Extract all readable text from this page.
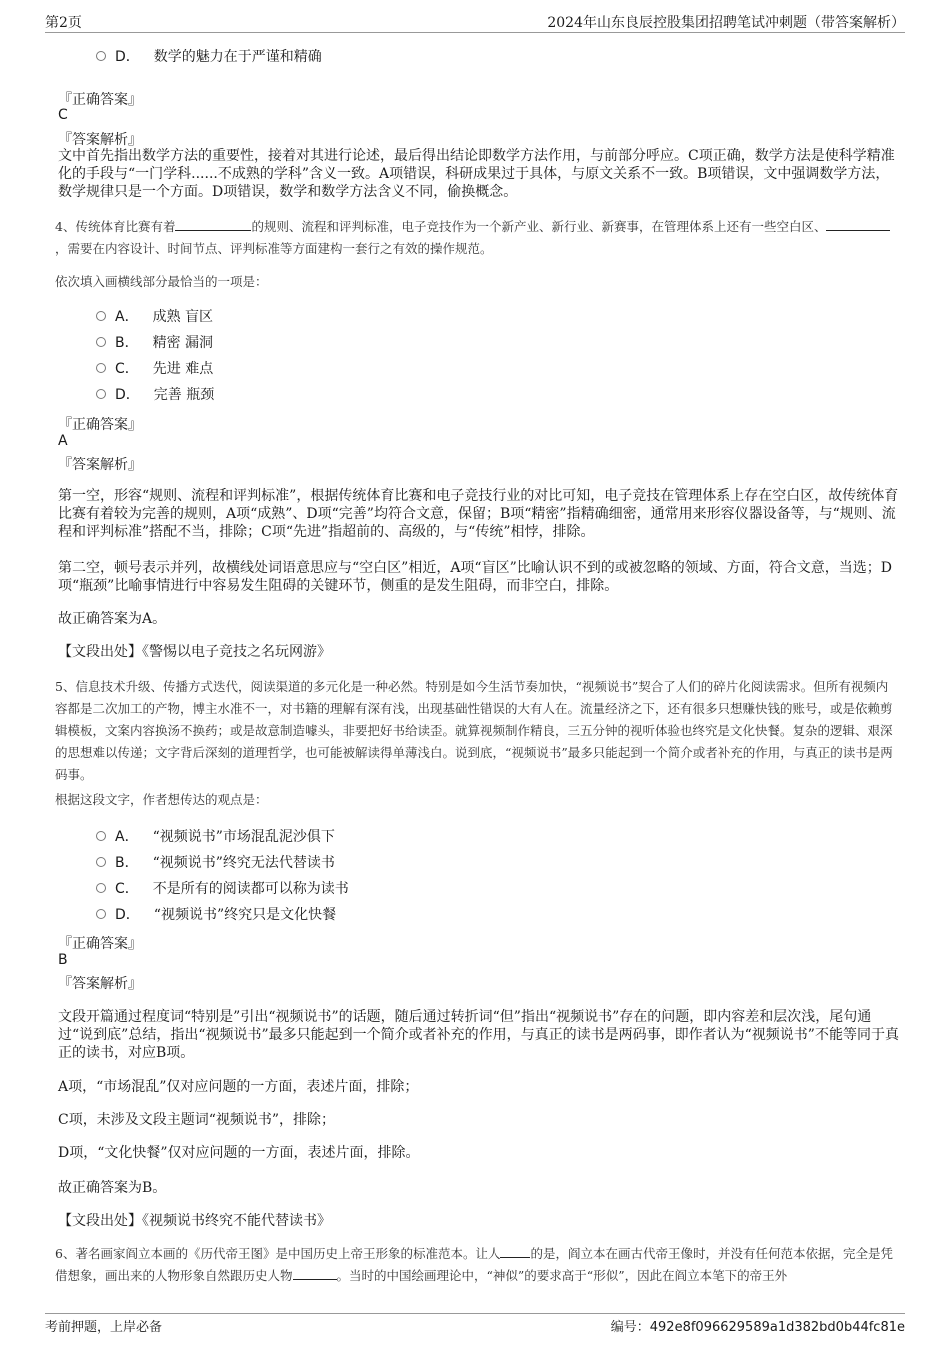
第2页	2024年山东良辰控股集团招聘笔试冲刺题（带答案解析）
D． 数学的魅力在于严谨和精确
『正确答案』
C
『答案解析』
文中首先指出数学方法的重要性，接着对其进行论述，最后得出结论即数学方法作用，与前部分呼应。C项正确，数学方法是使科学精准化的手段与“一门学科......不成熟的学科”含义一致。A项错误，科研成果过于具体，与原文关系不一致。B项错误，文中强调数学方法，数学规律只是一个方面。D项错误，数学和数学方法含义不同，偷换概念。
4、传统体育比赛有着	的规则、流程和评判标准，电子竞技作为一个新产业、新行业、新赛事，在管理体系上还有一些空白区、，需要在内容设计、时间节点、评判标准等方面建构一套行之有效的操作规范。
依次填入画横线部分最恰当的一项是：
A． 成熟 盲区
B． 精密 漏洞
C． 先进 难点
D． 完善 瓶颈
『正确答案』
A
『答案解析』
第一空，形容“规则、流程和评判标准”，根据传统体育比赛和电子竞技行业的对比可知，电子竞技在管理体系上存在空白区，故传统体育比赛有着较为完善的规则，A项“成熟”、D项“完善”均符合文意，保留；B项“精密”指精确细密，通常用来形容仪器设备等，与“规则、流程和评判标准”搭配不当，排除；C项“先进”指超前的、高级的，与“传统”相悖，排除。
第二空，顿号表示并列，故横线处词语意思应与“空白区”相近，A项“盲区”比喻认识不到的或被忽略的领域、方面，符合文意，当选；D项“瓶颈”比喻事情进行中容易发生阻碍的关键环节，侧重的是发生阻碍，而非空白，排除。
故正确答案为A。
【文段出处】《警惕以电子竞技之名玩网游》
5、信息技术升级、传播方式迭代，阅读渠道的多元化是一种必然。特别是如今生活节奏加快，“视频说书”契合了人们的碎片化阅读需求。但所有视频内容都是二次加工的产物，博主水准不一，对书籍的理解有深有浅，出现基础性错误的大有人在。流量经济之下，还有很多只想赚快钱的账号，或是依赖剪辑模板，文案内容换汤不换药；或是故意制造噱头，非要把好书给读歪。就算视频制作精良，三五分钟的视听体验也终究是文化快餐。复杂的逻辑、艰深的思想难以传递；文字背后深刻的道理哲学，也可能被解读得单薄浅白。说到底，“视频说书”最多只能起到一个简介或者补充的作用，与真正的读书是两码事。
根据这段文字，作者想传达的观点是：
A． “视频说书”市场混乱泥沙俱下
B． “视频说书”终究无法代替读书
C． 不是所有的阅读都可以称为读书
D． “视频说书”终究只是文化快餐
『正确答案』
B
『答案解析』
文段开篇通过程度词“特别是”引出“视频说书”的话题，随后通过转折词“但”指出“视频说书”存在的问题，即内容差和层次浅，尾句通过“说到底”总结，指出“视频说书”最多只能起到一个简介或者补充的作用，与真正的读书是两码事，即作者认为“视频说书”不能等同于真正的读书，对应B项。
A项，“市场混乱”仅对应问题的一方面，表述片面，排除；
C项，未涉及文段主题词“视频说书”，排除；
D项，“文化快餐”仅对应问题的一方面，表述片面，排除。
故正确答案为B。
【文段出处】《视频说书终究不能代替读书》
6、著名画家阎立本画的《历代帝王图》是中国历史上帝王形象的标准范本。让人 的是，阎立本在画古代帝王像时，并没有任何范本依据，完全是凭借想象，画出来的人物形象自然跟历史人物	。当时的中国绘画理论中，“神似”的要求高于“形似”，因此在阎立本笔下的帝王外
考前押题，上岸必备	编号：492e8f096629589a1d382bd0b44fc81e
